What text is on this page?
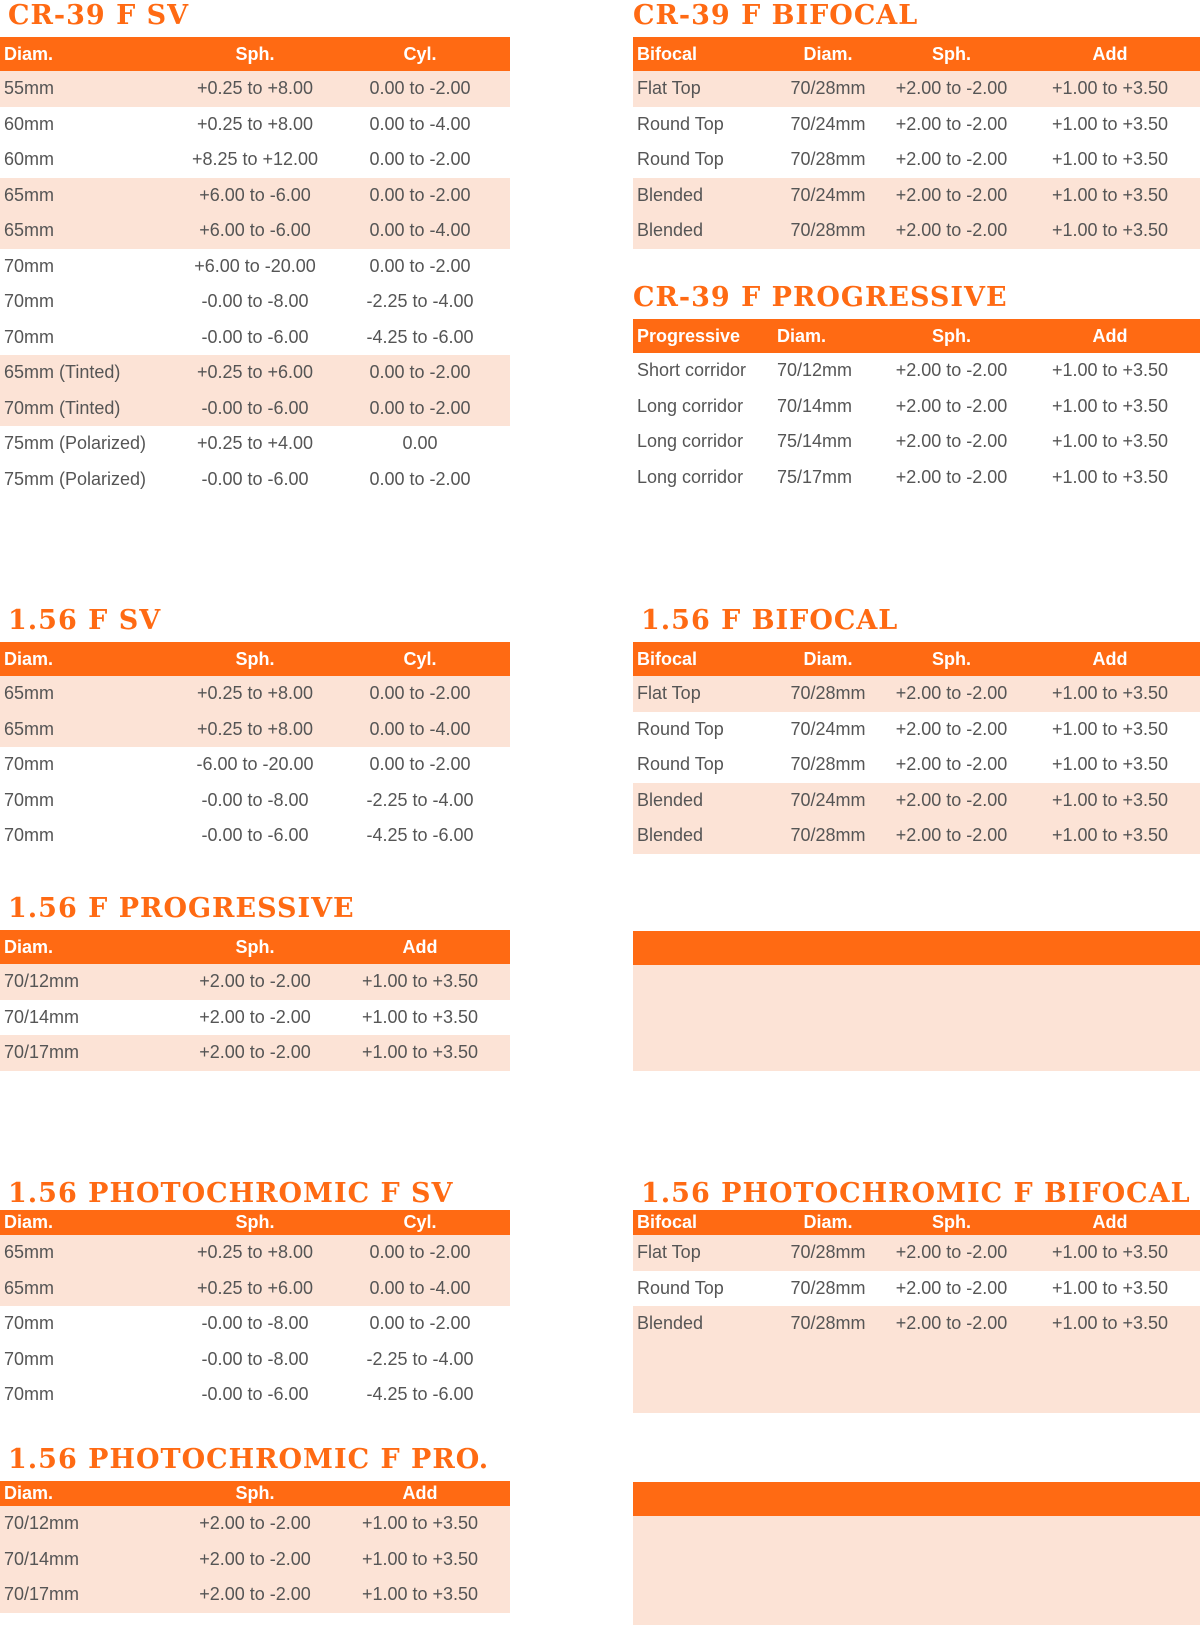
CR-39 F SV
Diam.	Sph.	Cyl.
55mm	+0.25 to +8.00	0.00 to -2.00
60mm	+0.25 to +8.00	0.00 to -4.00
60mm	+8.25 to +12.00	0.00 to -2.00
65mm	+6.00 to -6.00	0.00 to -2.00
65mm	+6.00 to -6.00	0.00 to -4.00
70mm	+6.00 to -20.00	0.00 to -2.00
70mm	-0.00 to -8.00	-2.25 to -4.00
70mm	-0.00 to -6.00	-4.25 to -6.00
65mm (Tinted)	+0.25 to +6.00	0.00 to -2.00
70mm (Tinted)	-0.00 to -6.00	0.00 to -2.00
75mm (Polarized)	+0.25 to +4.00	0.00
75mm (Polarized)	-0.00 to -6.00	0.00 to -2.00
CR-39 F BIFOCAL
Bifocal	Diam.	Sph.	Add
Flat Top	70/28mm	+2.00 to -2.00	+1.00 to +3.50
Round Top	70/24mm	+2.00 to -2.00	+1.00 to +3.50
Round Top	70/28mm	+2.00 to -2.00	+1.00 to +3.50
Blended	70/24mm	+2.00 to -2.00	+1.00 to +3.50
Blended	70/28mm	+2.00 to -2.00	+1.00 to +3.50
CR-39 F PROGRESSIVE
Progressive	Diam.	Sph.	Add
Short corridor	70/12mm	+2.00 to -2.00	+1.00 to +3.50
Long corridor	70/14mm	+2.00 to -2.00	+1.00 to +3.50
Long corridor	75/14mm	+2.00 to -2.00	+1.00 to +3.50
Long corridor	75/17mm	+2.00 to -2.00	+1.00 to +3.50
1.56 F SV
Diam.	Sph.	Cyl.
65mm	+0.25 to +8.00	0.00 to -2.00
65mm	+0.25 to +8.00	0.00 to -4.00
70mm	-6.00 to -20.00	0.00 to -2.00
70mm	-0.00 to -8.00	-2.25 to -4.00
70mm	-0.00 to -6.00	-4.25 to -6.00
1.56 F BIFOCAL
Bifocal	Diam.	Sph.	Add
Flat Top	70/28mm	+2.00 to -2.00	+1.00 to +3.50
Round Top	70/24mm	+2.00 to -2.00	+1.00 to +3.50
Round Top	70/28mm	+2.00 to -2.00	+1.00 to +3.50
Blended	70/24mm	+2.00 to -2.00	+1.00 to +3.50
Blended	70/28mm	+2.00 to -2.00	+1.00 to +3.50
1.56 F PROGRESSIVE
Diam.	Sph.	Add
70/12mm	+2.00 to -2.00	+1.00 to +3.50
70/14mm	+2.00 to -2.00	+1.00 to +3.50
70/17mm	+2.00 to -2.00	+1.00 to +3.50
1.56 PHOTOCHROMIC F SV
Diam.	Sph.	Cyl.
65mm	+0.25 to +8.00	0.00 to -2.00
65mm	+0.25 to +6.00	0.00 to -4.00
70mm	-0.00 to -8.00	0.00 to -2.00
70mm	-0.00 to -8.00	-2.25 to -4.00
70mm	-0.00 to -6.00	-4.25 to -6.00
1.56 PHOTOCHROMIC F BIFOCAL
Bifocal	Diam.	Sph.	Add
Flat Top	70/28mm	+2.00 to -2.00	+1.00 to +3.50
Round Top	70/28mm	+2.00 to -2.00	+1.00 to +3.50
Blended	70/28mm	+2.00 to -2.00	+1.00 to +3.50
1.56 PHOTOCHROMIC F PRO.
Diam.	Sph.	Add
70/12mm	+2.00 to -2.00	+1.00 to +3.50
70/14mm	+2.00 to -2.00	+1.00 to +3.50
70/17mm	+2.00 to -2.00	+1.00 to +3.50
